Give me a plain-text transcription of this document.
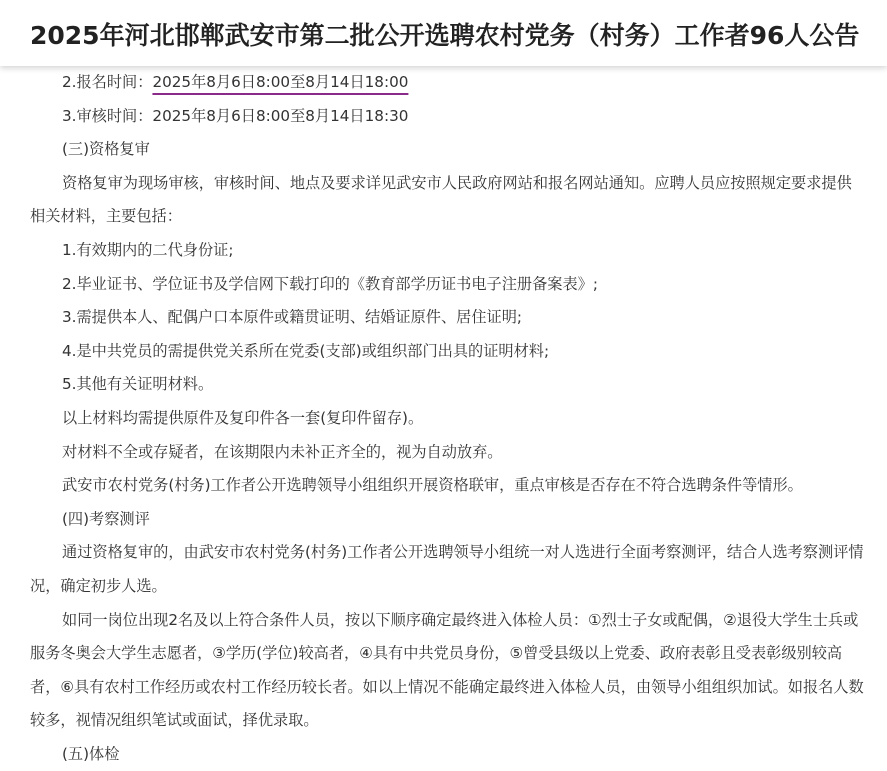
2025年河北邯郸武安市第二批公开选聘农村党务（村务）工作者96人公告

2.报名时间：2025年8月6日8:00至8月14日18:00

3.审核时间：2025年8月6日8:00至8月14日18:30

(三)资格复审

资格复审为现场审核，审核时间、地点及要求详见武安市人民政府网站和报名网站通知。应聘人员应按照规定要求提供相关材料，主要包括：

1.有效期内的二代身份证;

2.毕业证书、学位证书及学信网下载打印的《教育部学历证书电子注册备案表》;

3.需提供本人、配偶户口本原件或籍贯证明、结婚证原件、居住证明;

4.是中共党员的需提供党关系所在党委(支部)或组织部门出具的证明材料;

5.其他有关证明材料。

以上材料均需提供原件及复印件各一套(复印件留存)。

对材料不全或存疑者，在该期限内未补正齐全的，视为自动放弃。

武安市农村党务(村务)工作者公开选聘领导小组组织开展资格联审，重点审核是否存在不符合选聘条件等情形。

(四)考察测评

通过资格复审的，由武安市农村党务(村务)工作者公开选聘领导小组统一对人选进行全面考察测评，结合人选考察测评情况，确定初步人选。

如同一岗位出现2名及以上符合条件人员，按以下顺序确定最终进入体检人员：①烈士子女或配偶，②退役大学生士兵或服务冬奥会大学生志愿者，③学历(学位)较高者，④具有中共党员身份，⑤曾受县级以上党委、政府表彰且受表彰级别较高者，⑥具有农村工作经历或农村工作经历较长者。如以上情况不能确定最终进入体检人员，由领导小组组织加试。如报名人数较多，视情况组织笔试或面试，择优录取。

(五)体检
